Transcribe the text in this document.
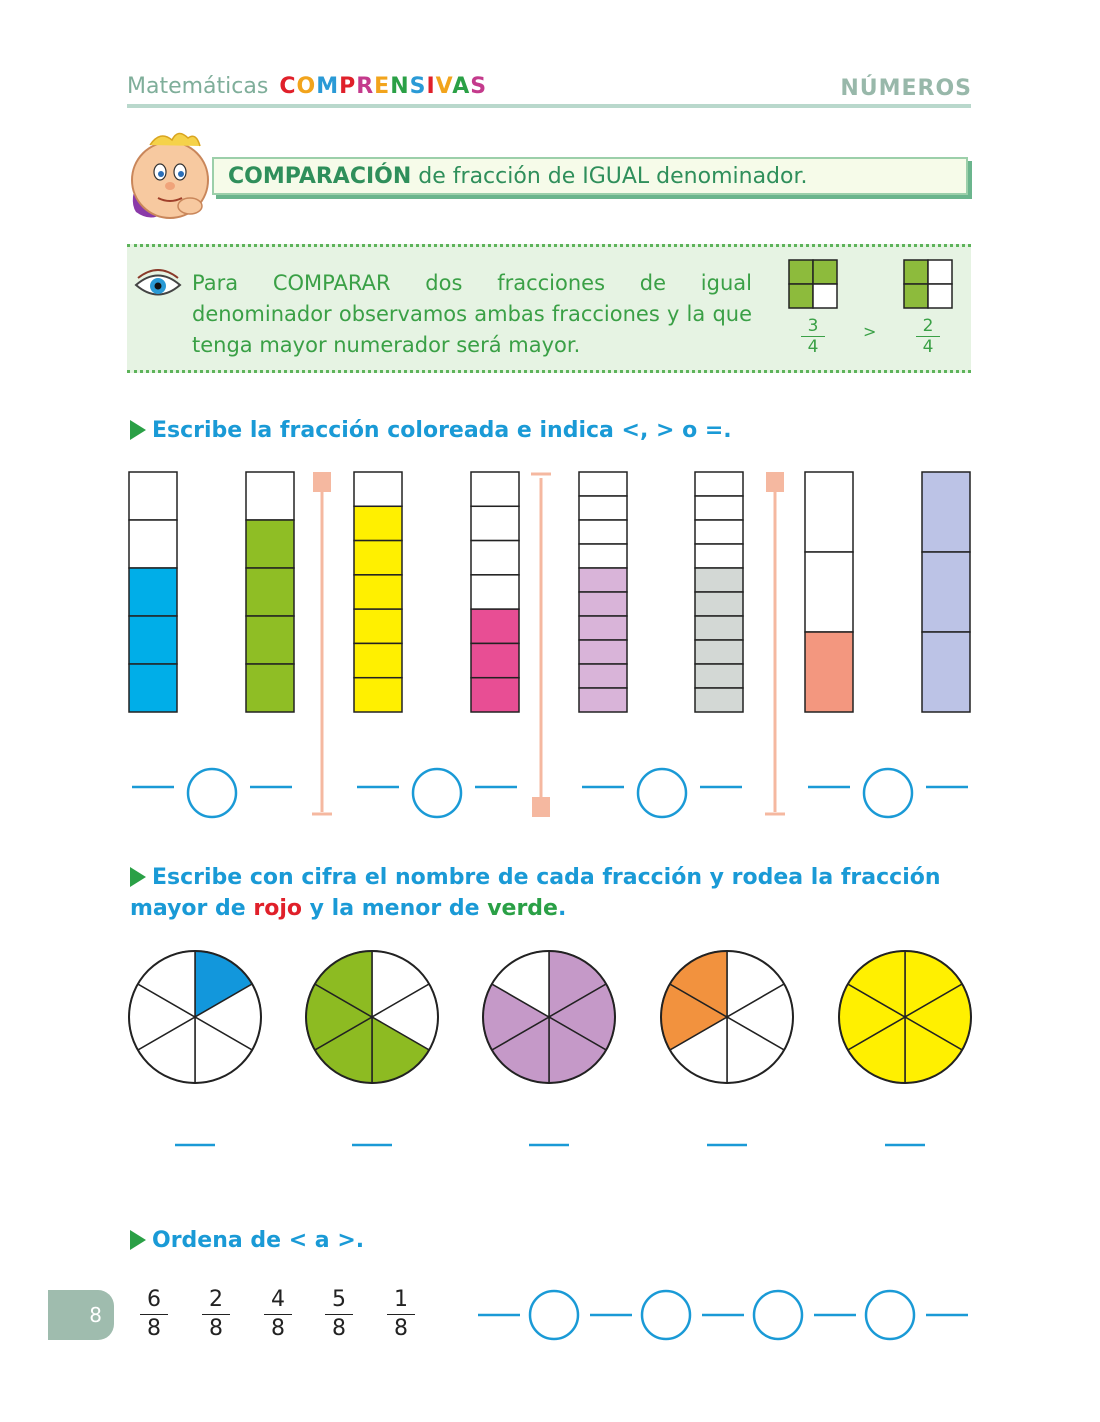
Matemáticas COMPRENSIVAS	NÚMEROS
COMPARACIÓN de fracción de IGUAL denominador.
Para COMPARAR dos fracciones de igual denominador observamos ambas fracciones y la que tenga mayor numerador será mayor.	$\frac{3}{4} > \frac{2}{4}$
Escribe la fracción coloreada e indica <, > o =.
Escribe con cifra el nombre de cada fracción y rodea la fracción mayor de rojo y la menor de verde.
Ordena de < a >.
$\frac{6}{8} \frac{2}{8} \frac{4}{8} \frac{5}{8} \frac{1}{8}$
8
